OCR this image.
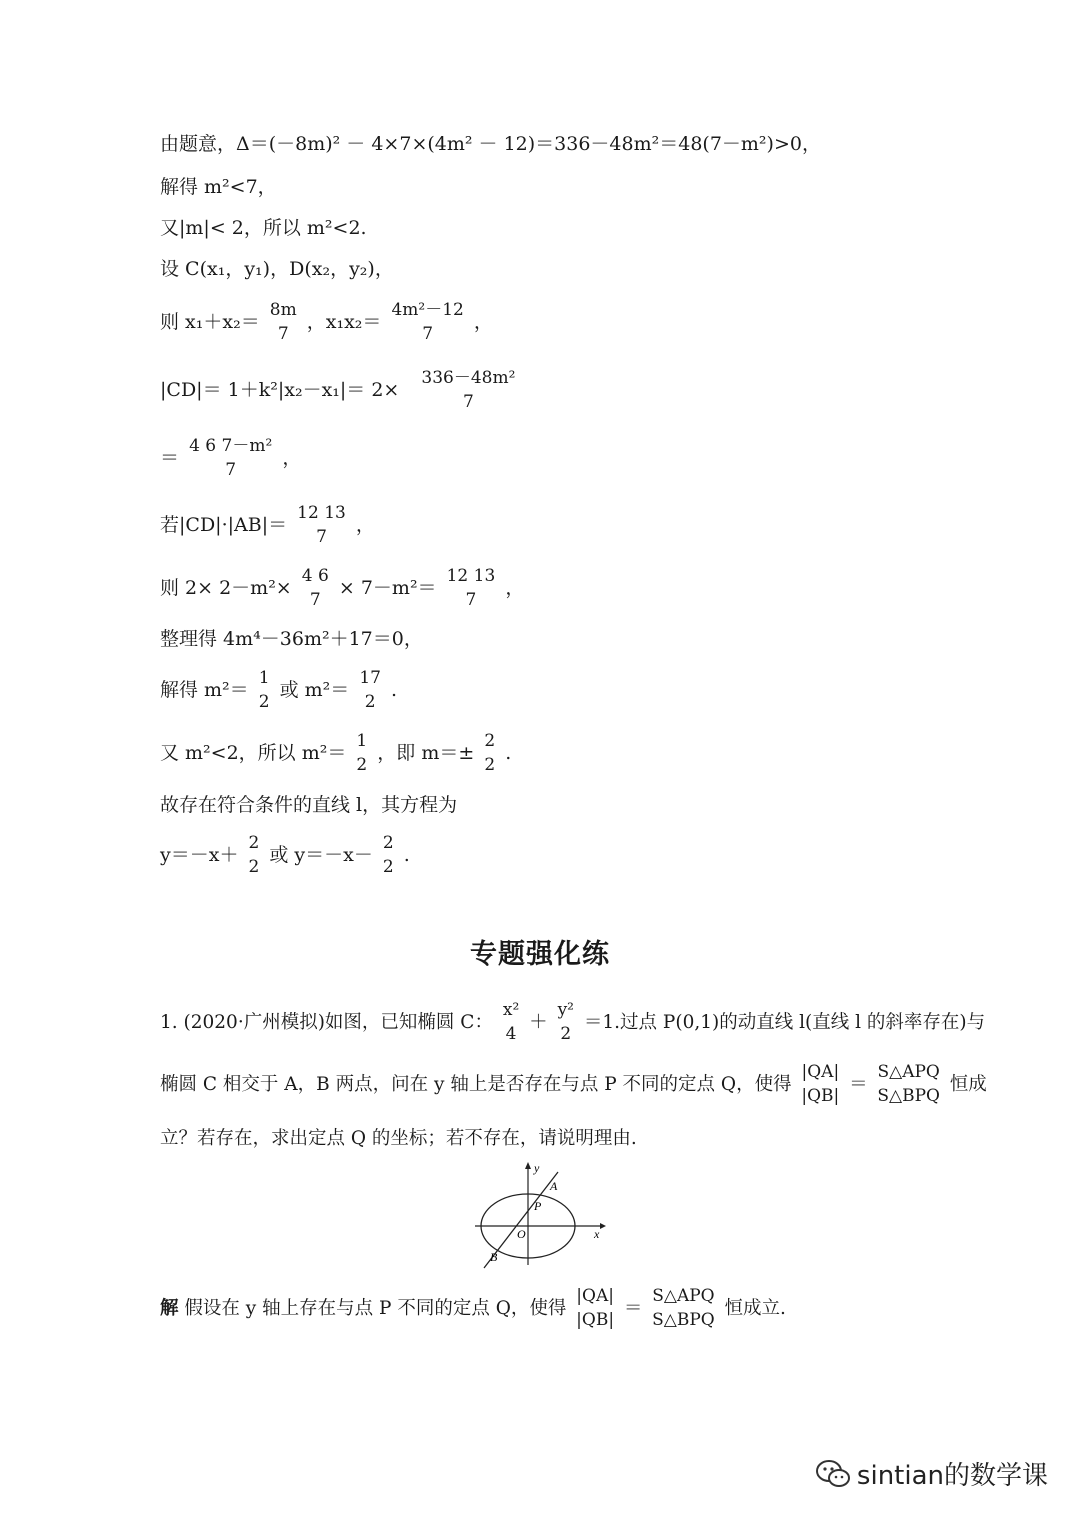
由题意，Δ＝(－8m)² － 4×7×(4m² － 12)＝336－48m²＝48(7－m²)>0，
解得 m²<7，
又|m|< 2，所以 m²<2.
设 C(x₁，y₁)，D(x₂，y₂)，
则 $x_1+x_2= \frac{8m}{7}$ ，$x_1x_2= \frac{\text{4m²－12}}{7}$ ，
$|CD|= 1+k^2|x_2-x_1|= 2\times \frac{\text{336－48m²}}{7}$
＝ $\frac{\text{4 6 7－m²}}{7}$ ，
若$|CD|\cdot|AB|= \frac{12 13}{7}$ ，
则 $2\times 2-m^2\times \frac{4 6}{7} \times 7-m^2= \frac{12 13}{7}$ ，
整理得 4m⁴－36m²＋17＝0，
解得 $m^2= \frac{1}{2}$ 或 $m^2= \frac{17}{2}$ .
又 m²<2，所以 $m^2= \frac{1}{2}$ ，即 $m=\pm \frac{2}{2}$ .
故存在符合条件的直线 l，其方程为
$y=-x+ \frac{2}{2}$ 或 $y=-x- \frac{2}{2}$ .
专题强化练
1. (2020·广州模拟)如图，已知椭圆 C： $\frac{\text{x²}}{4} + \frac{\text{y²}}{2} =1$.过点 P(0,1)的动直线 l(直线 l 的斜率存在)与
椭圆 C 相交于 A，B 两点，问在 y 轴上是否存在与点 P 不同的定点 Q，使得 $\frac{|QA|}{|QB|} = \frac{\text{S△APQ}}{\text{S△BPQ}}$ 恒成
立？若存在，求出定点 Q 的坐标；若不存在，请说明理由.
y
x
A
P
O
B
解 假设在 y 轴上存在与点 P 不同的定点 Q，使得 $\frac{|QA|}{|QB|} = \frac{\text{S△APQ}}{\text{S△BPQ}}$ 恒成立.
sintian的数学课
